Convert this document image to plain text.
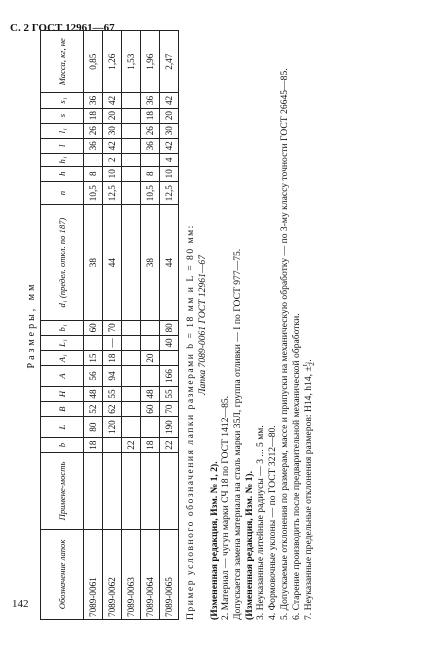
С. 2 ГОСТ 12961—67
142
Размеры, мм
Обозначение лапок	Примене-мость	b	L	B	H	A	A₁	L₁	b₁	d₁ (предел. откл. по 187)	n	h	h₁	l	l₁	s	s₁	Масса, кг, не
7089-0061		18	80	52	48	56	15		60	38	10,5	8		36	26	18	36	0,85
7089-0062			120	62	55	94	18	—	70	44	12,5	10	2	42	30	20	42	1,26
7089-0063		22																1,53
7089-0064		18		60	48		20			38	10,5	8		36	26	18	36	1,96
7089-0065		22	190	70	55	166		40	80	44	12,5	10	4	42	30	20	42	2,47

Пример условного обозначения лапки размерами b = 18 мм и L = 80 мм: Лапка 7089-0061 ГОСТ 12961—67

(Измененная редакция, Изм. № 1, 2). 2. Материал — чугун марки СЧ 18 по ГОСТ 1412—85. Допускается замена материала на сталь марки 35Л, группа отливки — I по ГОСТ 977—75. (Измененная редакция, Изм. № 1). 3. Неуказанные литейные радиусы — 3 ... 5 мм. 4. Формовочные уклоны — по ГОСТ 3212—80. 5. Допускаемые отклонения по размерам, массе и припуски на механическую обработку — по 3-му классу точности ГОСТ 26645—85. 6. Старение производить после предварительной механической обработки. 7. Неуказанные предельные отклонения размеров: H14, h14, ±t₂
2.
